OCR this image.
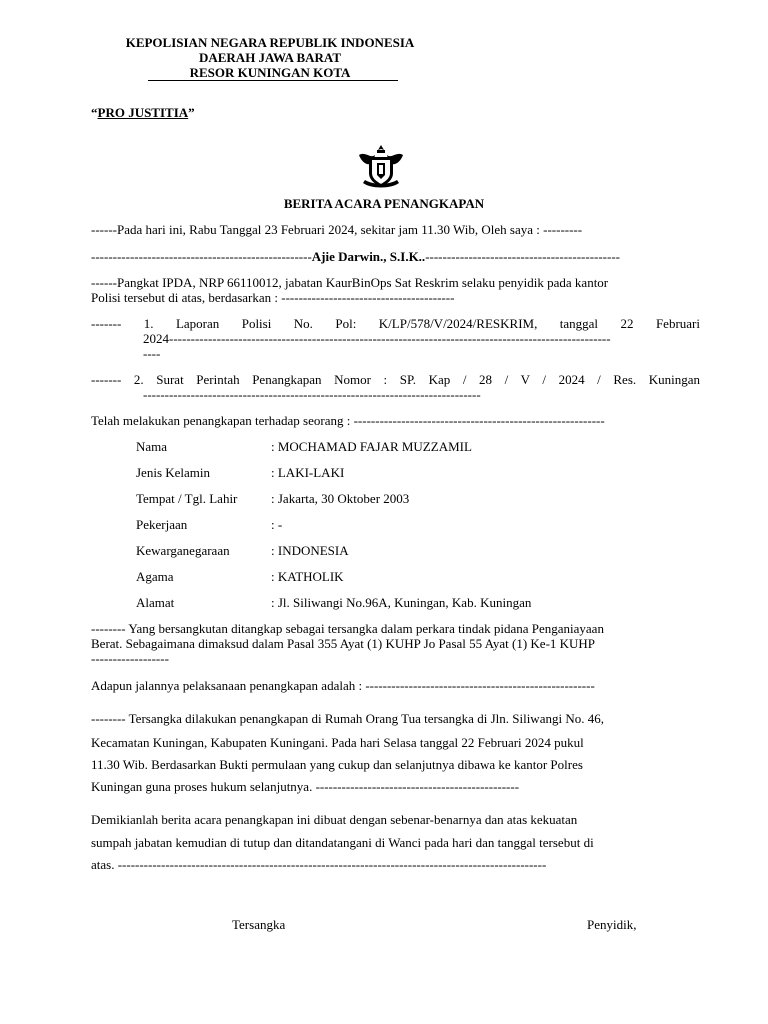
KEPOLISIAN NEGARA REPUBLIK INDONESIA
DAERAH JAWA BARAT
RESOR KUNINGAN KOTA
“PRO JUSTITIA”
BERITA ACARA PENANGKAPAN
------Pada hari ini, Rabu Tanggal 23 Februari 2024, sekitar jam 11.30 Wib, Oleh saya : ---------
---------------------------------------------------Ajie Darwin., S.I.K..---------------------------------------------
------Pangkat IPDA, NRP 66110012, jabatan KaurBinOps Sat Reskrim selaku penyidik pada kantor
Polisi tersebut di atas, berdasarkan : ----------------------------------------
------- 1. Laporan Polisi No. Pol: K/LP/578/V/2024/RESKRIM, tanggal 22 Februari
2024------------------------------------------------------------------------------------------------------
----
------- 2. Surat Perintah Penangkapan Nomor : SP. Kap / 28 / V / 2024 / Res. Kuningan
------------------------------------------------------------------------------
Telah melakukan penangkapan terhadap seorang : ----------------------------------------------------------
Nama	: MOCHAMAD FAJAR MUZZAMIL
Jenis Kelamin	: LAKI-LAKI
Tempat / Tgl. Lahir	: Jakarta, 30 Oktober 2003
Pekerjaan	: -
Kewarganegaraan	: INDONESIA
Agama	: KATHOLIK
Alamat	: Jl. Siliwangi No.96A, Kuningan, Kab. Kuningan
-------- Yang bersangkutan ditangkap sebagai tersangka dalam perkara tindak pidana Penganiayaan
Berat. Sebagaimana dimaksud dalam Pasal 355 Ayat (1) KUHP Jo Pasal 55 Ayat (1) Ke-1 KUHP
------------------
Adapun jalannya pelaksanaan penangkapan adalah : -----------------------------------------------------
-------- Tersangka dilakukan penangkapan di Rumah Orang Tua tersangka di Jln. Siliwangi No. 46,
Kecamatan Kuningan, Kabupaten Kuningani. Pada hari Selasa tanggal 22 Februari 2024 pukul
11.30 Wib. Berdasarkan Bukti permulaan yang cukup dan selanjutnya dibawa ke kantor Polres
Kuningan guna proses hukum selanjutnya. -----------------------------------------------
Demikianlah berita acara penangkapan ini dibuat dengan sebenar-benarnya dan atas kekuatan
sumpah jabatan kemudian di tutup dan ditandatangani di Wanci pada hari dan tanggal tersebut di
atas. ---------------------------------------------------------------------------------------------------
Tersangka	Penyidik,
